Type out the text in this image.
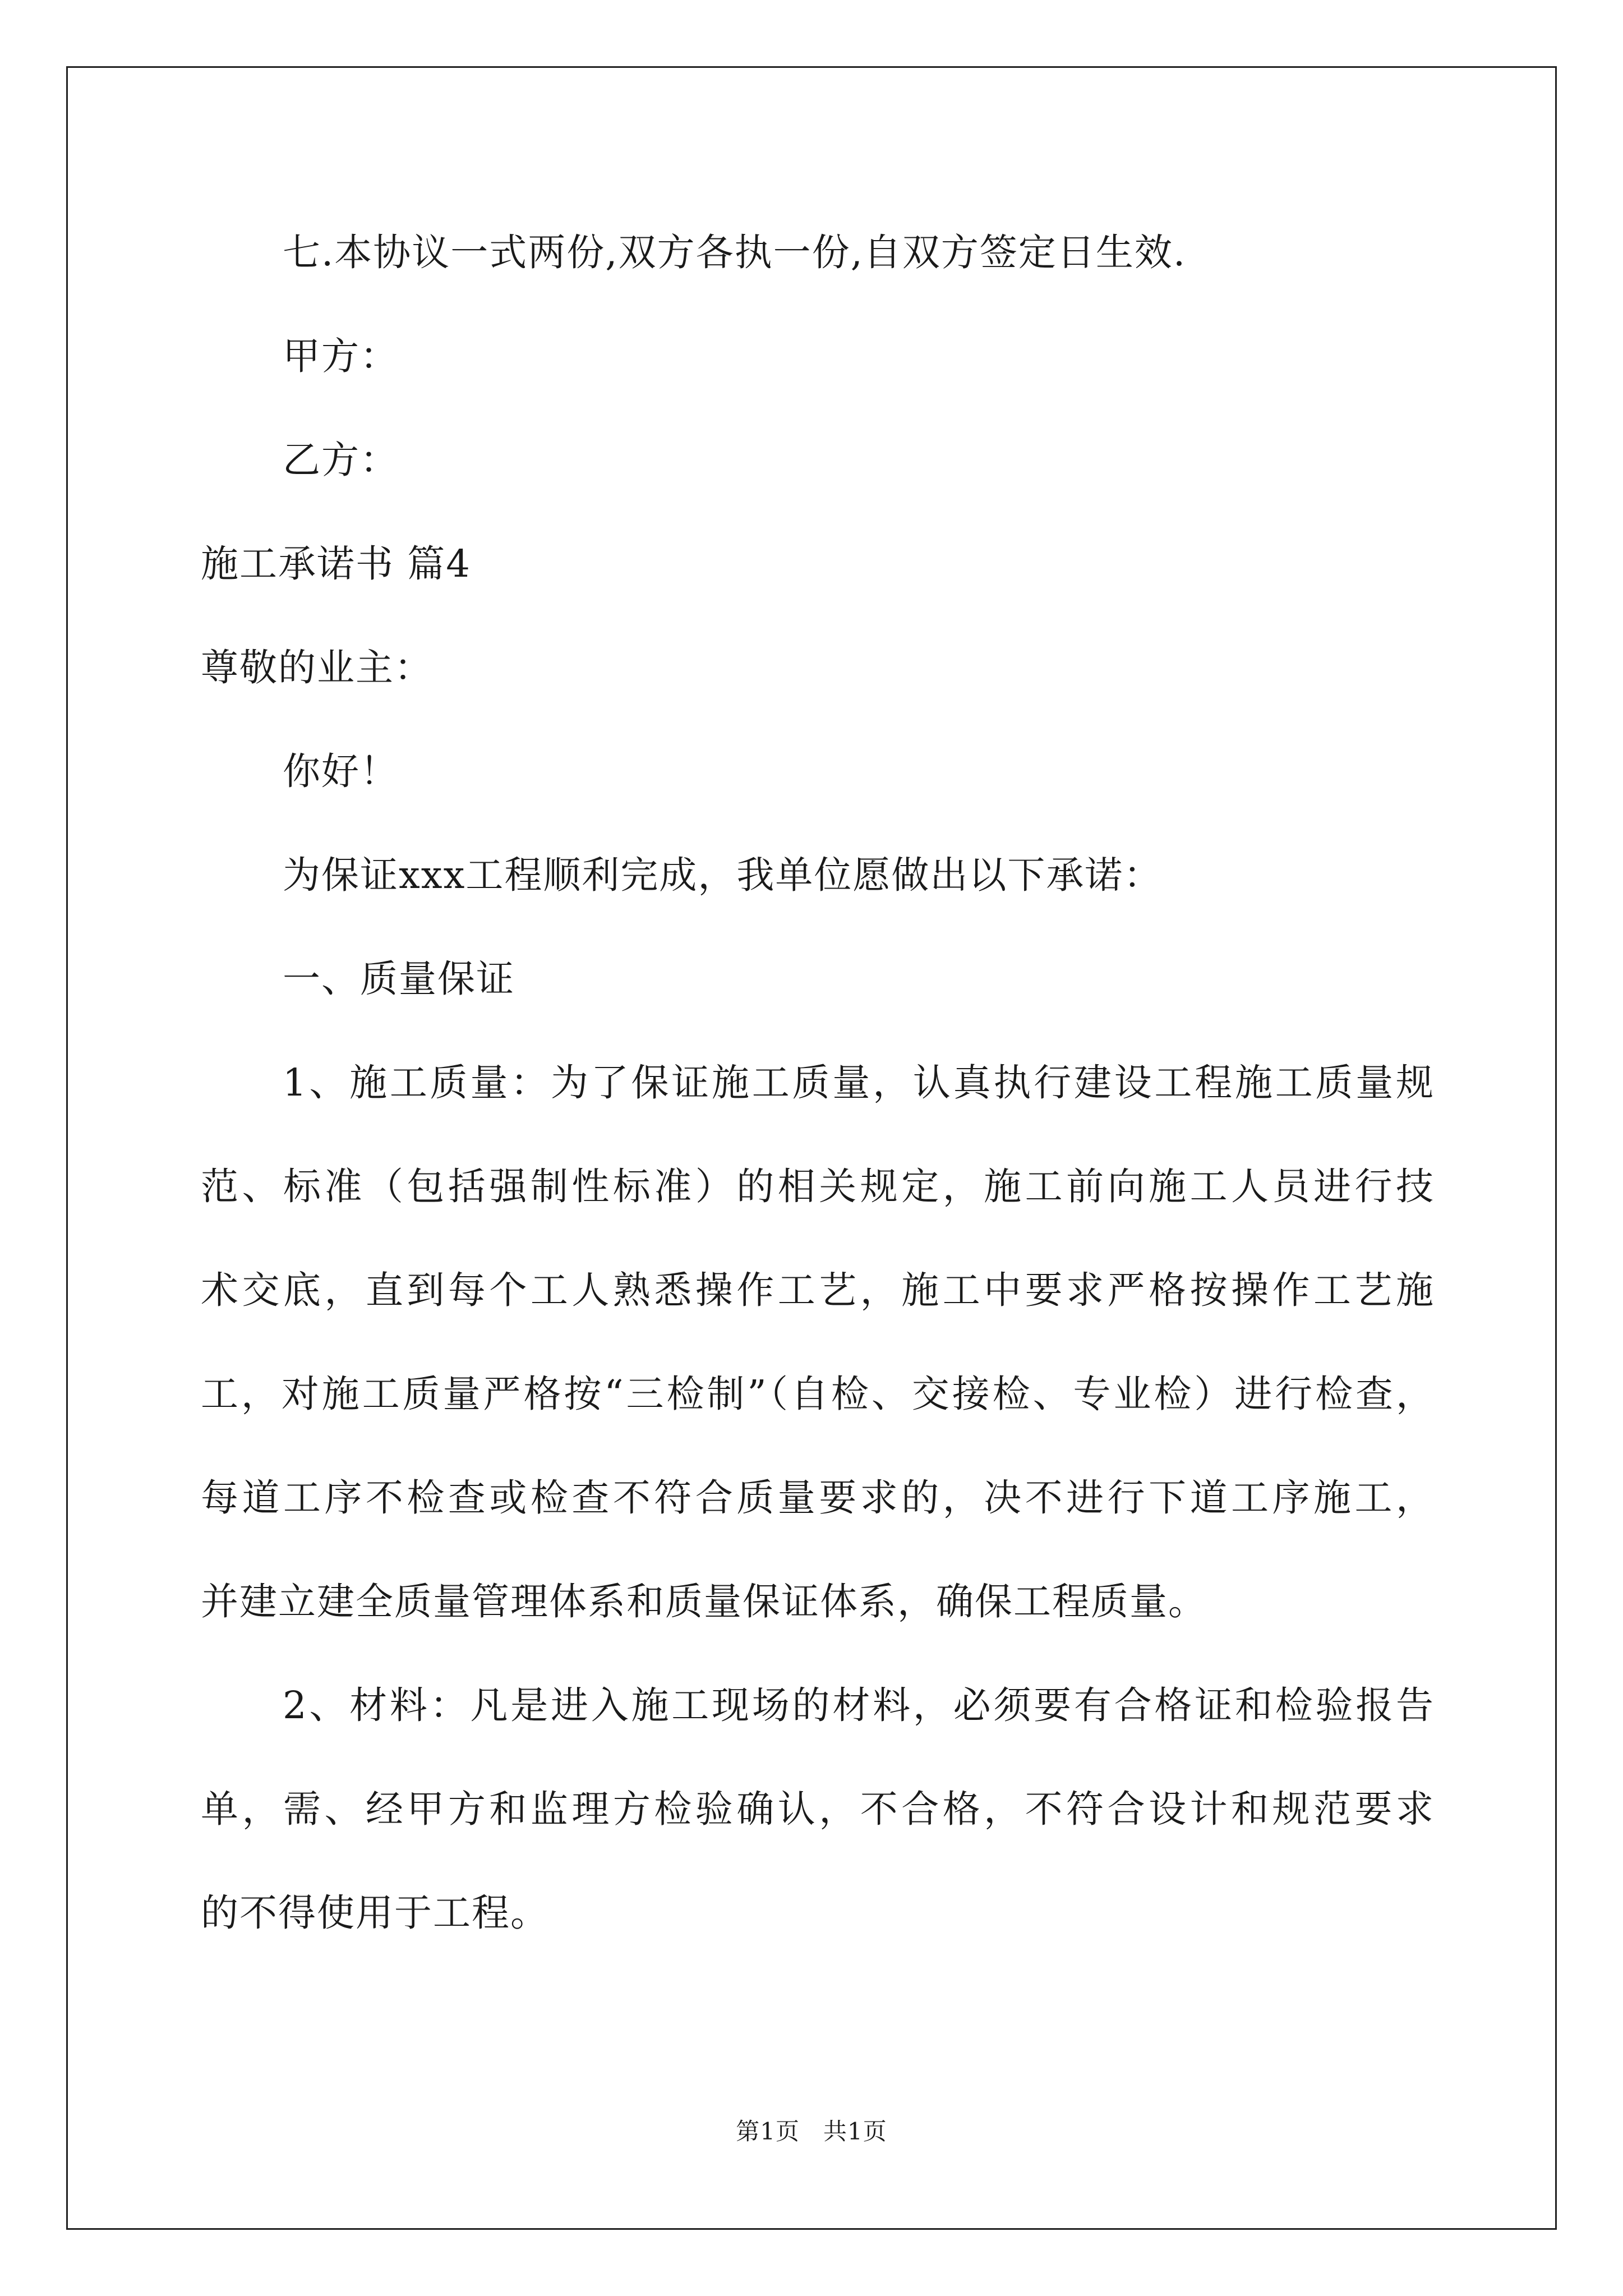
七.本协议一式两份,双方各执一份,自双方签定日生效.
甲方：
乙方：
施工承诺书 篇4
尊敬的业主：
你好！
为保证xxx工程顺利完成，我单位愿做出以下承诺：
一、质量保证
1、施工质量：为了保证施工质量，认真执行建设工程施工质量规
范、标准（包括强制性标准）的相关规定，施工前向施工人员进行技
术交底，直到每个工人熟悉操作工艺，施工中要求严格按操作工艺施
工，对施工质量严格按“三检制”（自检、交接检、专业检）进行检查，
每道工序不检查或检查不符合质量要求的，决不进行下道工序施工，
并建立建全质量管理体系和质量保证体系，确保工程质量。
2、材料：凡是进入施工现场的材料，必须要有合格证和检验报告
单，需、经甲方和监理方检验确认，不合格，不符合设计和规范要求
的不得使用于工程。
第1页 共1页
